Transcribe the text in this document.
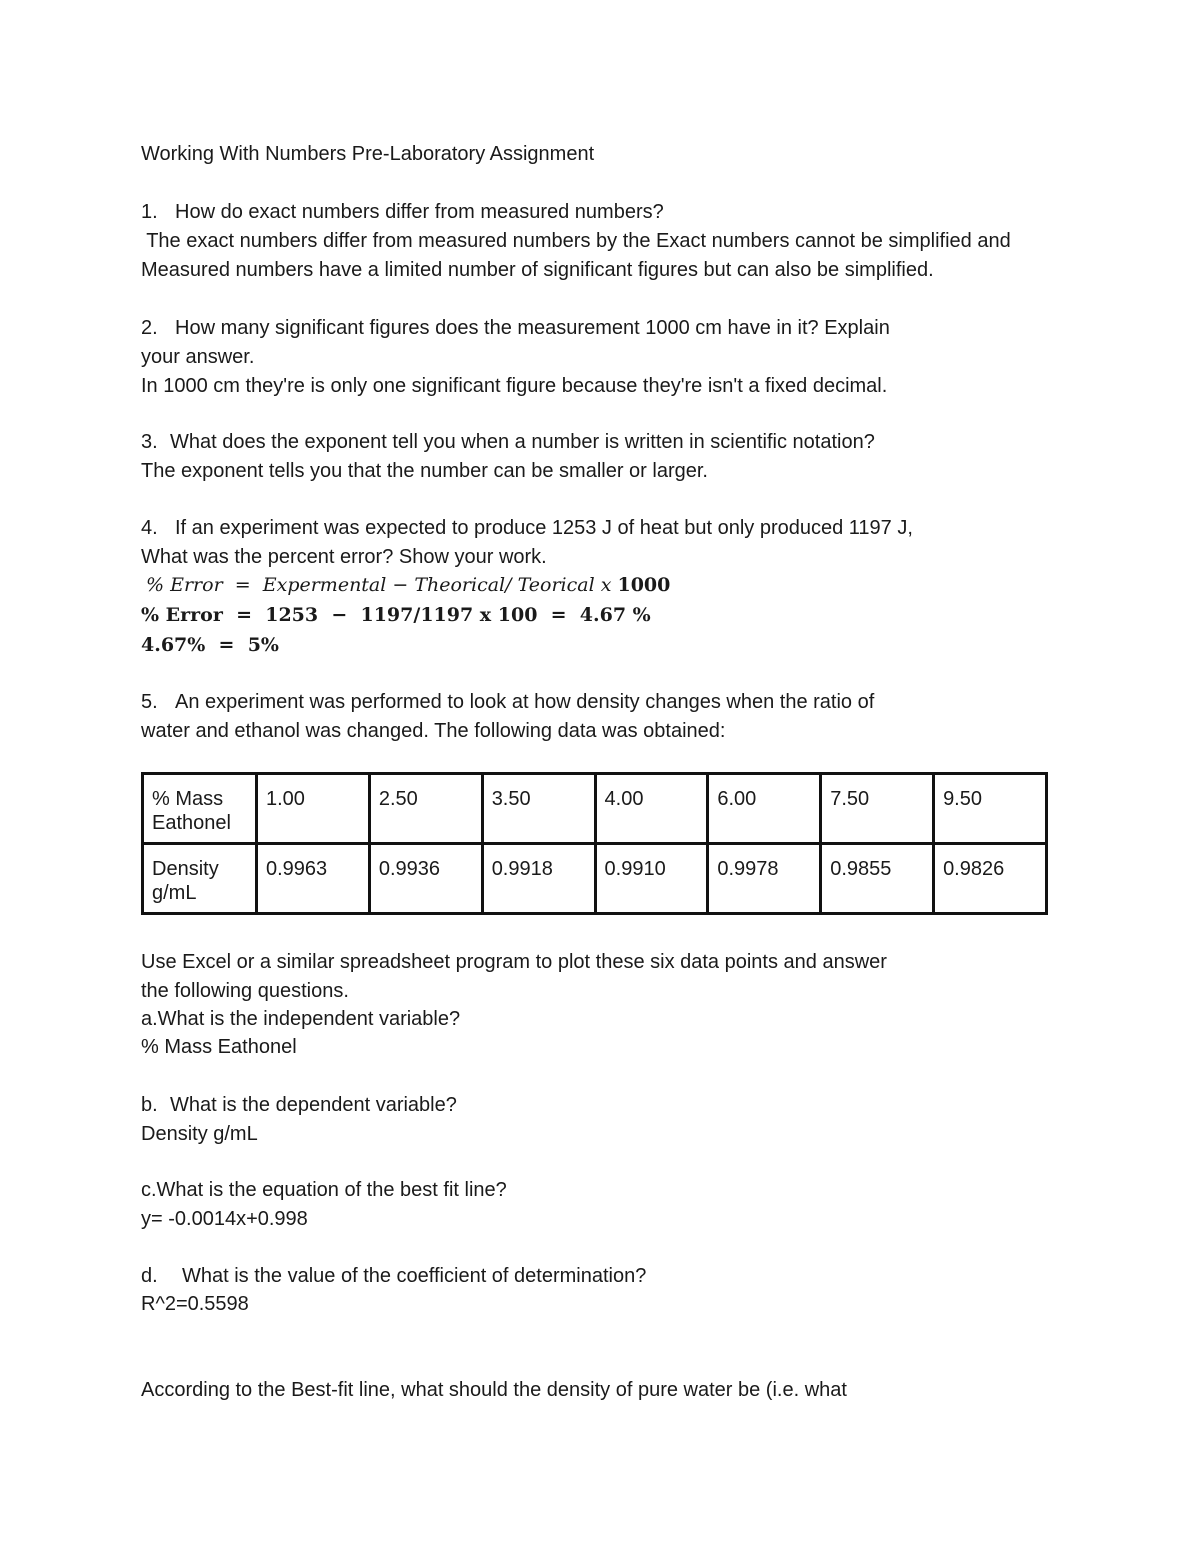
Working With Numbers Pre-Laboratory Assignment
1. How do exact numbers differ from measured numbers?
The exact numbers differ from measured numbers by the Exact numbers cannot be simplified and
Measured numbers have a limited number of significant figures but can also be simplified.
2. How many significant figures does the measurement 1000 cm have in it? Explain
your answer.
In 1000 cm they're is only one significant figure because they're isn't a fixed decimal.
3. What does the exponent tell you when a number is written in scientific notation?
The exponent tells you that the number can be smaller or larger.
4. If an experiment was expected to produce 1253 J of heat but only produced 1197 J,
What was the percent error? Show your work.
% Error  =  Expermental − Theorical/ Teorical x 1000
% Error  =  1253  −  1197/1197 x 100  =  4.67 %
4.67%  =  5%
5. An experiment was performed to look at how density changes when the ratio of
water and ethanol was changed. The following data was obtained:
% Mass Eathonel	1.00	2.50	3.50	4.00	6.00	7.50	9.50
Density g/mL	0.9963	0.9936	0.9918	0.9910	0.9978	0.9855	0.9826
Use Excel or a similar spreadsheet program to plot these six data points and answer
the following questions.
a.What is the independent variable?
% Mass Eathonel
b. What is the dependent variable?
Density g/mL
c.What is the equation of the best fit line?
y= -0.0014x+0.998
d. What is the value of the coefficient of determination?
R^2=0.5598
According to the Best-fit line, what should the density of pure water be (i.e. what
